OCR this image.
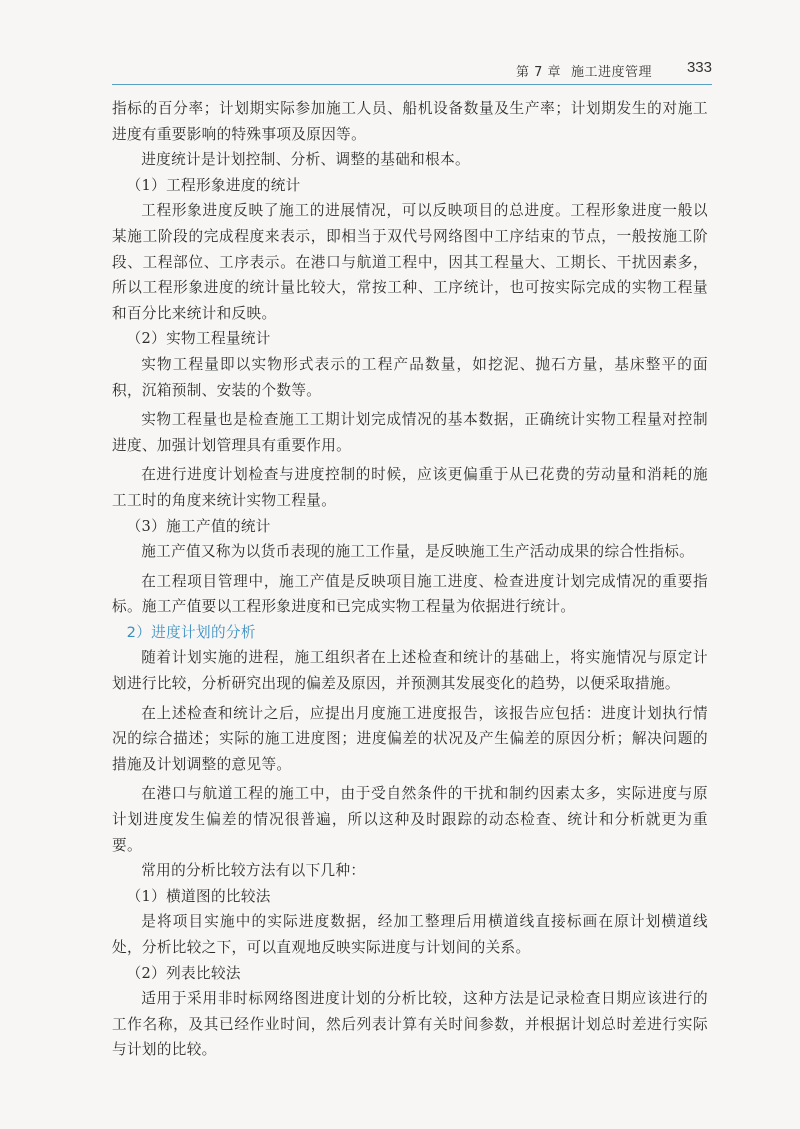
第 7 章 施工进度管理 333

指标的百分率；计划期实际参加施工人员、船机设备数量及生产率；计划期发生的对施工进度有重要影响的特殊事项及原因等。

进度统计是计划控制、分析、调整的基础和根本。

（1）工程形象进度的统计

工程形象进度反映了施工的进展情况，可以反映项目的总进度。工程形象进度一般以某施工阶段的完成程度来表示，即相当于双代号网络图中工序结束的节点，一般按施工阶段、工程部位、工序表示。在港口与航道工程中，因其工程量大、工期长、干扰因素多，所以工程形象进度的统计量比较大，常按工种、工序统计，也可按实际完成的实物工程量和百分比来统计和反映。

（2）实物工程量统计

实物工程量即以实物形式表示的工程产品数量，如挖泥、抛石方量，基床整平的面积，沉箱预制、安装的个数等。

实物工程量也是检查施工工期计划完成情况的基本数据，正确统计实物工程量对控制进度、加强计划管理具有重要作用。

在进行进度计划检查与进度控制的时候，应该更偏重于从已花费的劳动量和消耗的施工工时的角度来统计实物工程量。

（3）施工产值的统计

施工产值又称为以货币表现的施工工作量，是反映施工生产活动成果的综合性指标。

在工程项目管理中，施工产值是反映项目施工进度、检查进度计划完成情况的重要指标。施工产值要以工程形象进度和已完成实物工程量为依据进行统计。

2）进度计划的分析

随着计划实施的进程，施工组织者在上述检查和统计的基础上，将实施情况与原定计划进行比较，分析研究出现的偏差及原因，并预测其发展变化的趋势，以便采取措施。

在上述检查和统计之后，应提出月度施工进度报告，该报告应包括：进度计划执行情况的综合描述；实际的施工进度图；进度偏差的状况及产生偏差的原因分析；解决问题的措施及计划调整的意见等。

在港口与航道工程的施工中，由于受自然条件的干扰和制约因素太多，实际进度与原计划进度发生偏差的情况很普遍，所以这种及时跟踪的动态检查、统计和分析就更为重要。

常用的分析比较方法有以下几种：

（1）横道图的比较法

是将项目实施中的实际进度数据，经加工整理后用横道线直接标画在原计划横道线处，分析比较之下，可以直观地反映实际进度与计划间的关系。

（2）列表比较法

适用于采用非时标网络图进度计划的分析比较，这种方法是记录检查日期应该进行的工作名称，及其已经作业时间，然后列表计算有关时间参数，并根据计划总时差进行实际与计划的比较。
